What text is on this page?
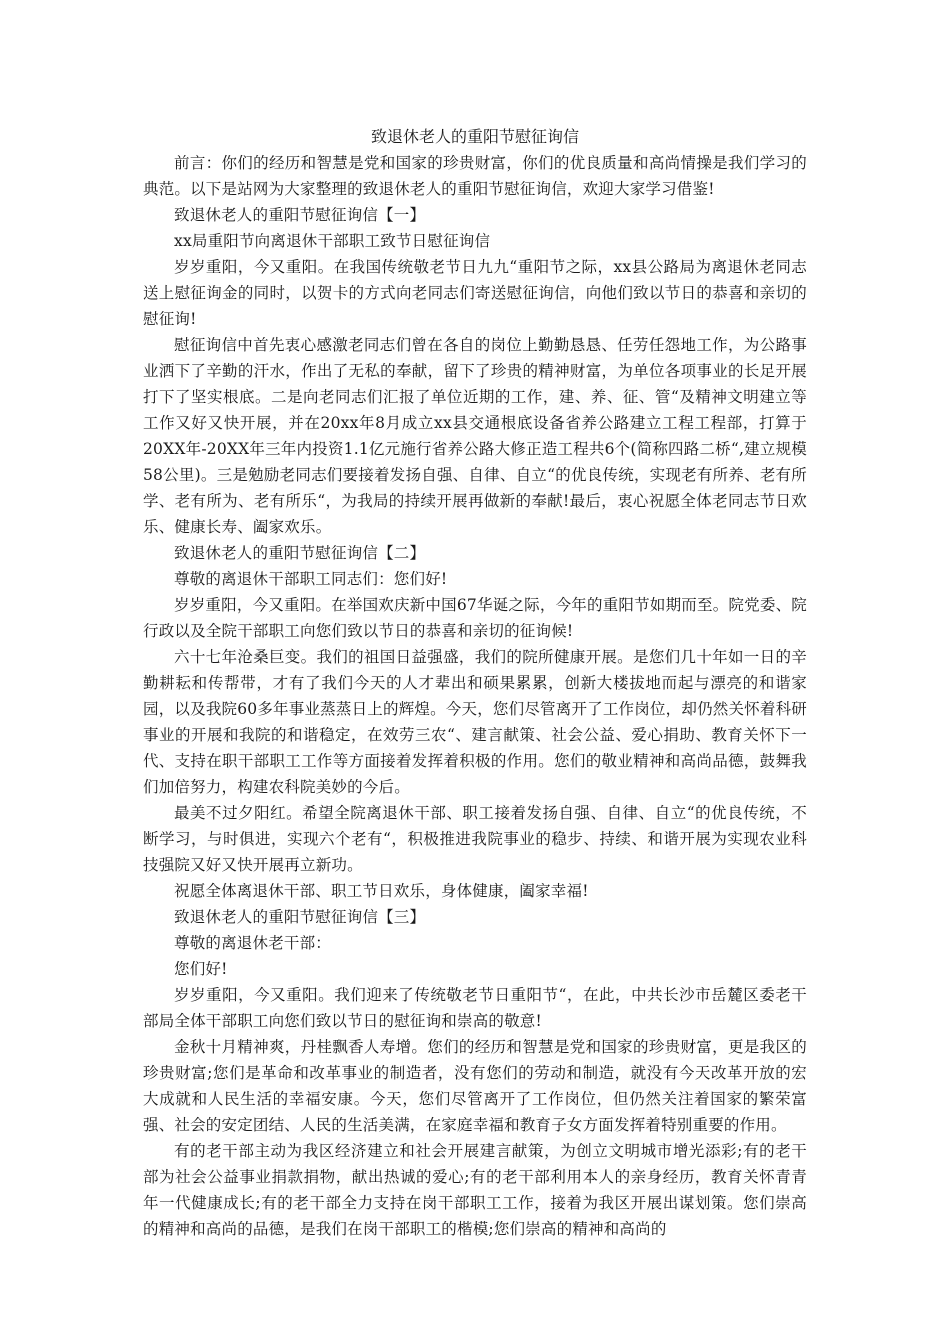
致退休老人的重阳节慰征询信

前言：你们的经历和智慧是党和国家的珍贵财富，你们的优良质量和高尚情操是我们学习的典范。以下是站网为大家整理的致退休老人的重阳节慰征询信，欢迎大家学习借鉴!

致退休老人的重阳节慰征询信【一】

xx局重阳节向离退休干部职工致节日慰征询信

岁岁重阳，今又重阳。在我国传统敬老节日九九“重阳节之际，xx县公路局为离退休老同志送上慰征询金的同时，以贺卡的方式向老同志们寄送慰征询信，向他们致以节日的恭喜和亲切的慰征询!

慰征询信中首先衷心感激老同志们曾在各自的岗位上勤勤恳恳、任劳任怨地工作，为公路事业洒下了辛勤的汗水，作出了无私的奉献，留下了珍贵的精神财富，为单位各项事业的长足开展打下了坚实根底。二是向老同志们汇报了单位近期的工作，建、养、征、管“及精神文明建立等工作又好又快开展，并在20xx年8月成立xx县交通根底设备省养公路建立工程工程部，打算于20XX年-20XX年三年内投资1.1亿元施行省养公路大修正造工程共6个(简称四路二桥“,建立规模58公里)。三是勉励老同志们要接着发扬自强、自律、自立“的优良传统，实现老有所养、老有所学、老有所为、老有所乐“，为我局的持续开展再做新的奉献!最后，衷心祝愿全体老同志节日欢乐、健康长寿、阖家欢乐。

致退休老人的重阳节慰征询信【二】

尊敬的离退休干部职工同志们：您们好!

岁岁重阳，今又重阳。在举国欢庆新中国67华诞之际，今年的重阳节如期而至。院党委、院行政以及全院干部职工向您们致以节日的恭喜和亲切的征询候!

六十七年沧桑巨变。我们的祖国日益强盛，我们的院所健康开展。是您们几十年如一日的辛勤耕耘和传帮带，才有了我们今天的人才辈出和硕果累累，创新大楼拔地而起与漂亮的和谐家园，以及我院60多年事业蒸蒸日上的辉煌。今天，您们尽管离开了工作岗位，却仍然关怀着科研事业的开展和我院的和谐稳定，在效劳三农“、建言献策、社会公益、爱心捐助、教育关怀下一代、支持在职干部职工工作等方面接着发挥着积极的作用。您们的敬业精神和高尚品德，鼓舞我们加倍努力，构建农科院美妙的今后。

最美不过夕阳红。希望全院离退休干部、职工接着发扬自强、自律、自立“的优良传统，不断学习，与时俱进，实现六个老有“，积极推进我院事业的稳步、持续、和谐开展为实现农业科技强院又好又快开展再立新功。

祝愿全体离退休干部、职工节日欢乐，身体健康，阖家幸福!

致退休老人的重阳节慰征询信【三】

尊敬的离退休老干部：

您们好!

岁岁重阳，今又重阳。我们迎来了传统敬老节日重阳节“，在此，中共长沙市岳麓区委老干部局全体干部职工向您们致以节日的慰征询和崇高的敬意!

金秋十月精神爽，丹桂飘香人寿增。您们的经历和智慧是党和国家的珍贵财富，更是我区的珍贵财富;您们是革命和改革事业的制造者，没有您们的劳动和制造，就没有今天改革开放的宏大成就和人民生活的幸福安康。今天，您们尽管离开了工作岗位，但仍然关注着国家的繁荣富强、社会的安定团结、人民的生活美满，在家庭幸福和教育子女方面发挥着特别重要的作用。

有的老干部主动为我区经济建立和社会开展建言献策，为创立文明城市增光添彩;有的老干部为社会公益事业捐款捐物，献出热诚的爱心;有的老干部利用本人的亲身经历，教育关怀青青年一代健康成长;有的老干部全力支持在岗干部职工工作，接着为我区开展出谋划策。您们崇高的精神和高尚的品德，是我们在岗干部职工的楷模;您们崇高的精神和高尚的
